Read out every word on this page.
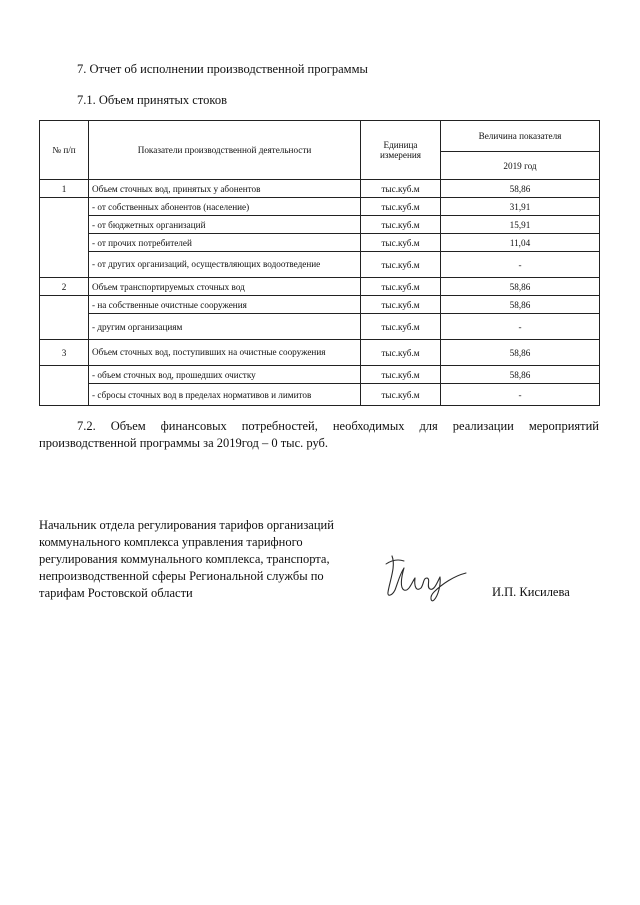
7. Отчет об исполнении производственной программы
7.1. Объем принятых стоков
№ п/п	Показатели производственной деятельности	Единица измерения	Величина показателя
			2019 год
1	Объем сточных вод, принятых у абонентов	тыс.куб.м	58,86
	- от собственных абонентов (население)	тыс.куб.м	31,91
	- от бюджетных организаций	тыс.куб.м	15,91
	- от прочих потребителей	тыс.куб.м	11,04
	- от других организаций, осуществляющих водоотведение	тыс.куб.м	-
2	Объем транспортируемых сточных вод	тыс.куб.м	58,86
	- на собственные очистные сооружения	тыс.куб.м	58,86
	- другим организациям	тыс.куб.м	-
3	Объем сточных вод, поступивших на очистные сооружения	тыс.куб.м	58,86
	- объем сточных вод, прошедших очистку	тыс.куб.м	58,86
	- сбросы сточных вод в пределах нормативов и лимитов	тыс.куб.м	-
7.2. Объем финансовых потребностей, необходимых для реализации мероприятий
производственной программы за 2019год – 0 тыс. руб.
Начальник отдела регулирования тарифов организаций
коммунального комплекса управления тарифного
регулирования коммунального комплекса, транспорта,
непроизводственной сферы Региональной службы по
тарифам Ростовской области	И.П. Кисилева
